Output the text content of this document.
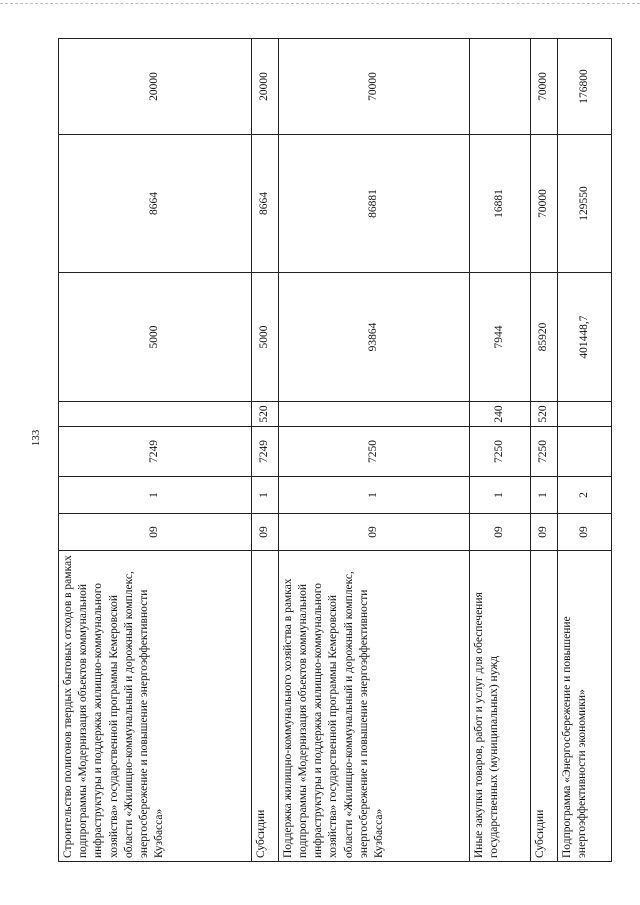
133
Строительство полигонов твердых бытовых отходов в рамках подпрограммы «Модернизация объектов коммунальной инфраструктуры и поддержка жилищно-коммунального хозяйства» государственной программы Кемеровской области «Жилищно-коммунальный и дорожный комплекс, энергосбережение и повышение энергоэффективности Кузбасса»	09	1	7249		5000	8664	20000
Субсидии	09	1	7249	520	5000	8664	20000
Поддержка жилищно-коммунального хозяйства в рамках подпрограммы «Модернизация объектов коммунальной инфраструктуры и поддержка жилищно-коммунального хозяйства» государственной программы Кемеровской области «Жилищно-коммунальный и дорожный комплекс, энергосбережение и повышение энергоэффективности Кузбасса»	09	1	7250		93864	86881	70000
Иные закупки товаров, работ и услуг для обеспечения государственных (муниципальных) нужд	09	1	7250	240	7944	16881	
Субсидии	09	1	7250	520	85920	70000	70000
Подпрограмма «Энергосбережение и повышение энергоэффективности экономики»	09	2			401448,7	129550	176800
